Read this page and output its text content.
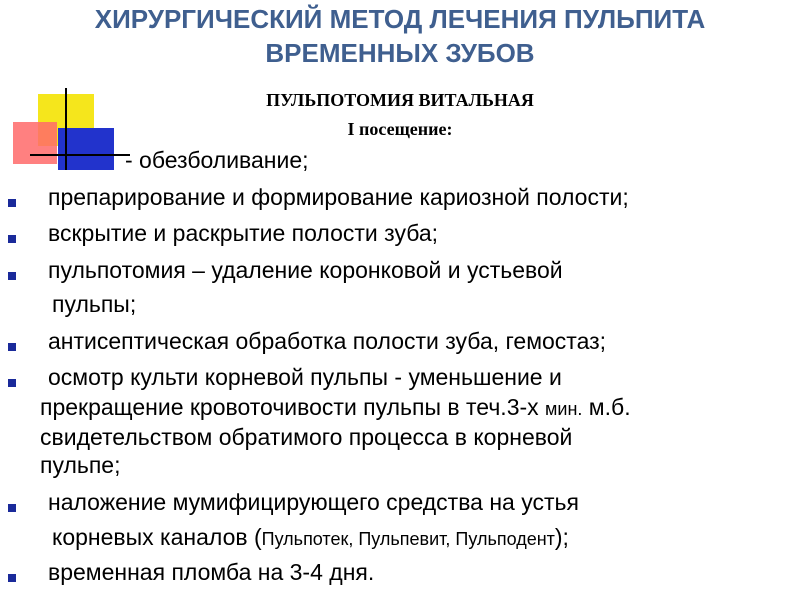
ХИРУРГИЧЕСКИЙ МЕТОД ЛЕЧЕНИЯ ПУЛЬПИТА
ВРЕМЕННЫХ ЗУБОВ
ПУЛЬПОТОМИЯ ВИТАЛЬНАЯ
I посещение:
- обезболивание;
препарирование и формирование кариозной полости;
вскрытие и раскрытие полости зуба;
пульпотомия – удаление коронковой и устьевой
пульпы;
антисептическая обработка полости зуба, гемостаз;
осмотр культи корневой пульпы - уменьшение и
прекращение кровоточивости пульпы в теч.3-х мин. м.б.
свидетельством обратимого процесса в корневой
пульпе;
наложение мумифицирующего средства на устья
корневых каналов (Пульпотек, Пульпевит, Пульподент);
временная пломба на 3-4 дня.
